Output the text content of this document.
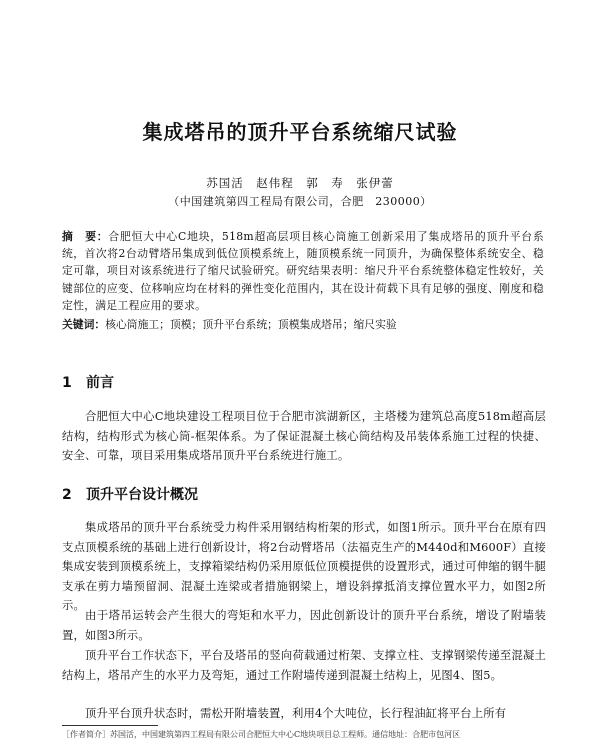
集成塔吊的顶升平台系统缩尺试验
苏国活　赵伟程　郭　寿　张伊蕾
（中国建筑第四工程局有限公司，合肥　230000）
摘　要：合肥恒大中心C地块，518m超高层项目核心筒施工创新采用了集成塔吊的顶升平台系统，首次将2台动臂塔吊集成到低位顶模系统上，随顶模系统一同顶升，为确保整体系统安全、稳定可靠，项目对该系统进行了缩尺试验研究。研究结果表明：缩尺升平台系统整体稳定性较好，关键部位的应变、位移响应均在材料的弹性变化范围内，其在设计荷载下具有足够的强度、刚度和稳定性，满足工程应用的要求。
关键词：核心筒施工；顶模；顶升平台系统；顶模集成塔吊；缩尺实验
1 前言
合肥恒大中心C地块建设工程项目位于合肥市滨湖新区，主塔楼为建筑总高度518m超高层结构，结构形式为核心筒-框架体系。为了保证混凝土核心筒结构及吊装体系施工过程的快捷、安全、可靠，项目采用集成塔吊顶升平台系统进行施工。
2 顶升平台设计概况
集成塔吊的顶升平台系统受力构件采用钢结构桁架的形式，如图1所示。顶升平台在原有四支点顶模系统的基础上进行创新设计，将2台动臂塔吊（法福克生产的M440d和M600F）直接集成安装到顶模系统上，支撑箱梁结构仍采用原低位顶模提供的设置形式，通过可伸缩的钢牛腿支承在剪力墙预留洞、混凝土连梁或者措施钢梁上，增设斜撑抵消支撑位置水平力，如图2所示。
由于塔吊运转会产生很大的弯矩和水平力，因此创新设计的顶升平台系统，增设了附墙装置，如图3所示。
顶升平台工作状态下，平台及塔吊的竖向荷载通过桁架、支撑立柱、支撑钢梁传递至混凝土结构上，塔吊产生的水平力及弯矩，通过工作附墙传递到混凝土结构上，见图4、图5。
顶升平台顶升状态时，需松开附墙装置，利用4个大吨位，长行程油缸将平台上所有
［作者简介］苏国活，中国建筑第四工程局有限公司合肥恒大中心C地块项目总工程师。通信地址：合肥市包河区
